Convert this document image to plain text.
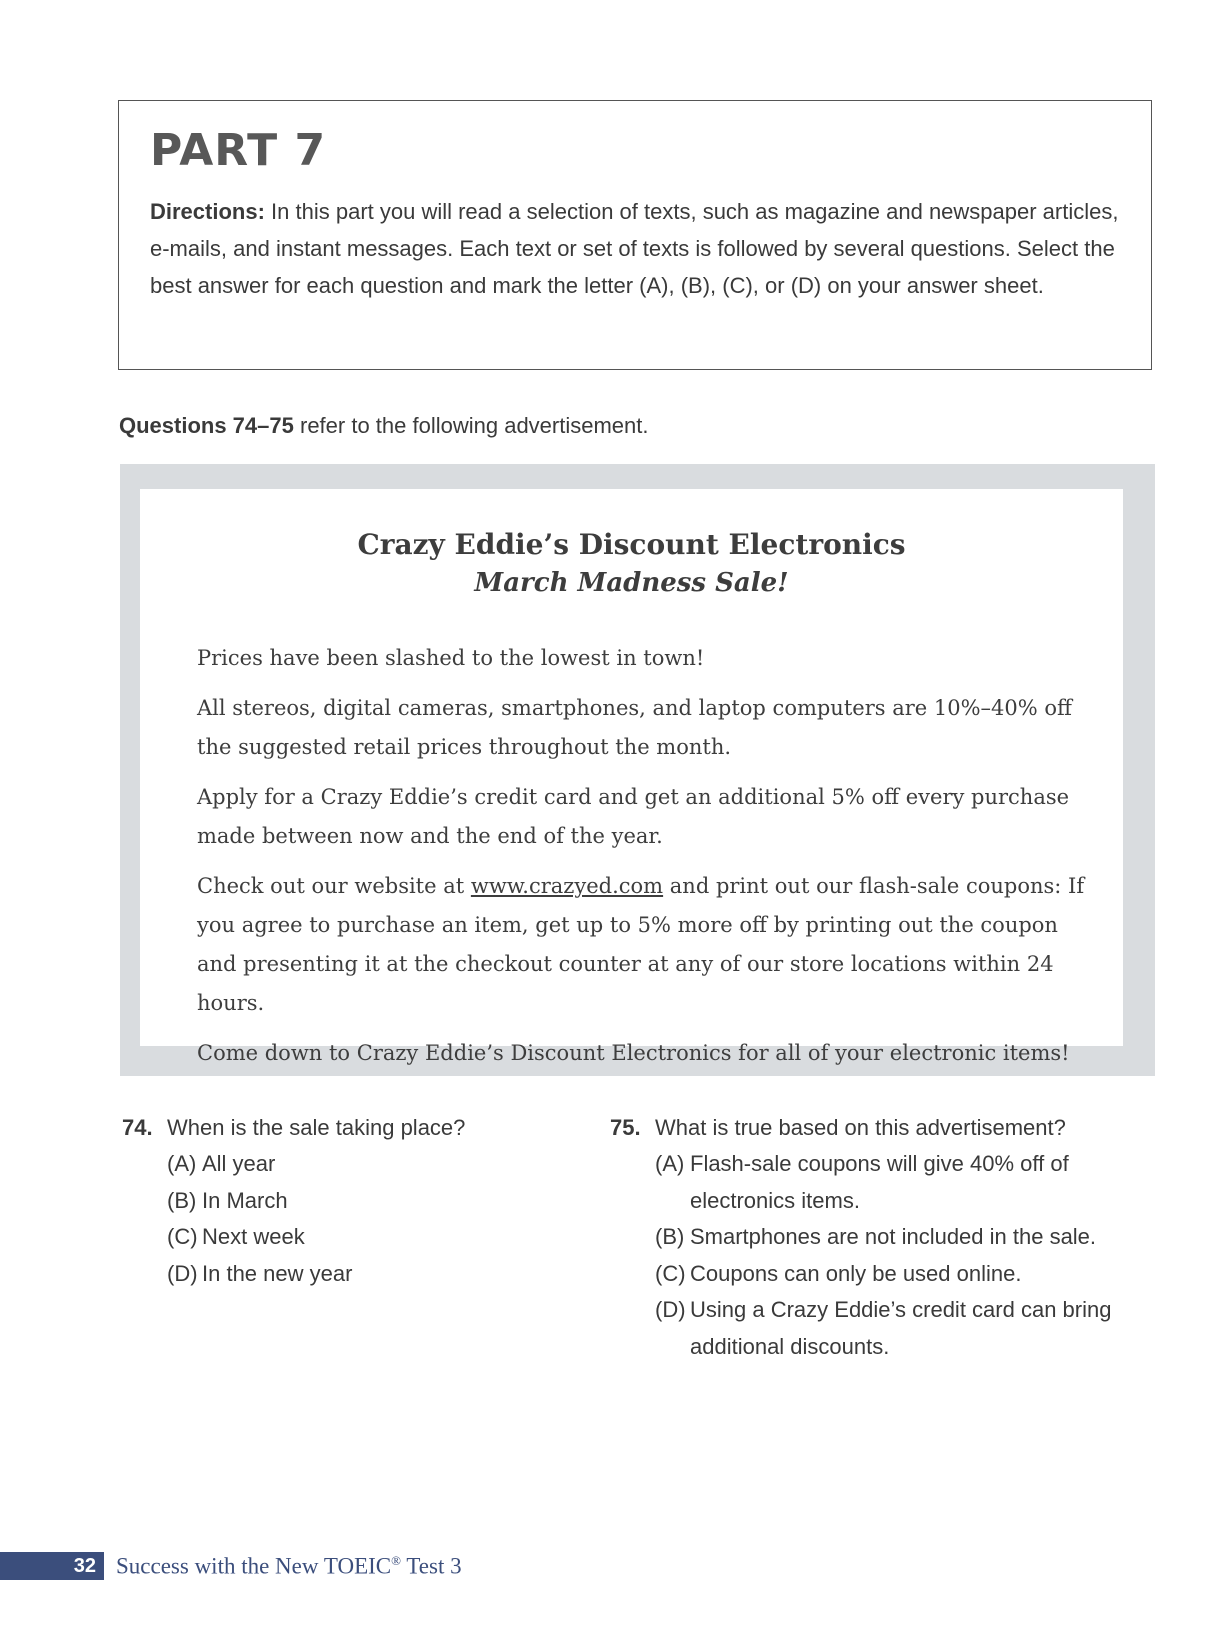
PART 7

Directions: In this part you will read a selection of texts, such as magazine and newspaper articles, e-mails, and instant messages. Each text or set of texts is followed by several questions. Select the best answer for each question and mark the letter (A), (B), (C), or (D) on your answer sheet.

Questions 74–75 refer to the following advertisement.

Crazy Eddie’s Discount Electronics
March Madness Sale!

Prices have been slashed to the lowest in town!

All stereos, digital cameras, smartphones, and laptop computers are 10%–40% off the suggested retail prices throughout the month.

Apply for a Crazy Eddie’s credit card and get an additional 5% off every purchase made between now and the end of the year.

Check out our website at www.crazyed.com and print out our flash-sale coupons: If you agree to purchase an item, get up to 5% more off by printing out the coupon and presenting it at the checkout counter at any of our store locations within 24 hours.

Come down to Crazy Eddie’s Discount Electronics for all of your electronic items!

74. When is the sale taking place?
(A) All year
(B) In March
(C) Next week
(D) In the new year
75. What is true based on this advertisement?
(A) Flash-sale coupons will give 40% off of electronics items.
(B) Smartphones are not included in the sale.
(C) Coupons can only be used online.
(D) Using a Crazy Eddie’s credit card can bring additional discounts.
32 Success with the New TOEIC® Test 3
